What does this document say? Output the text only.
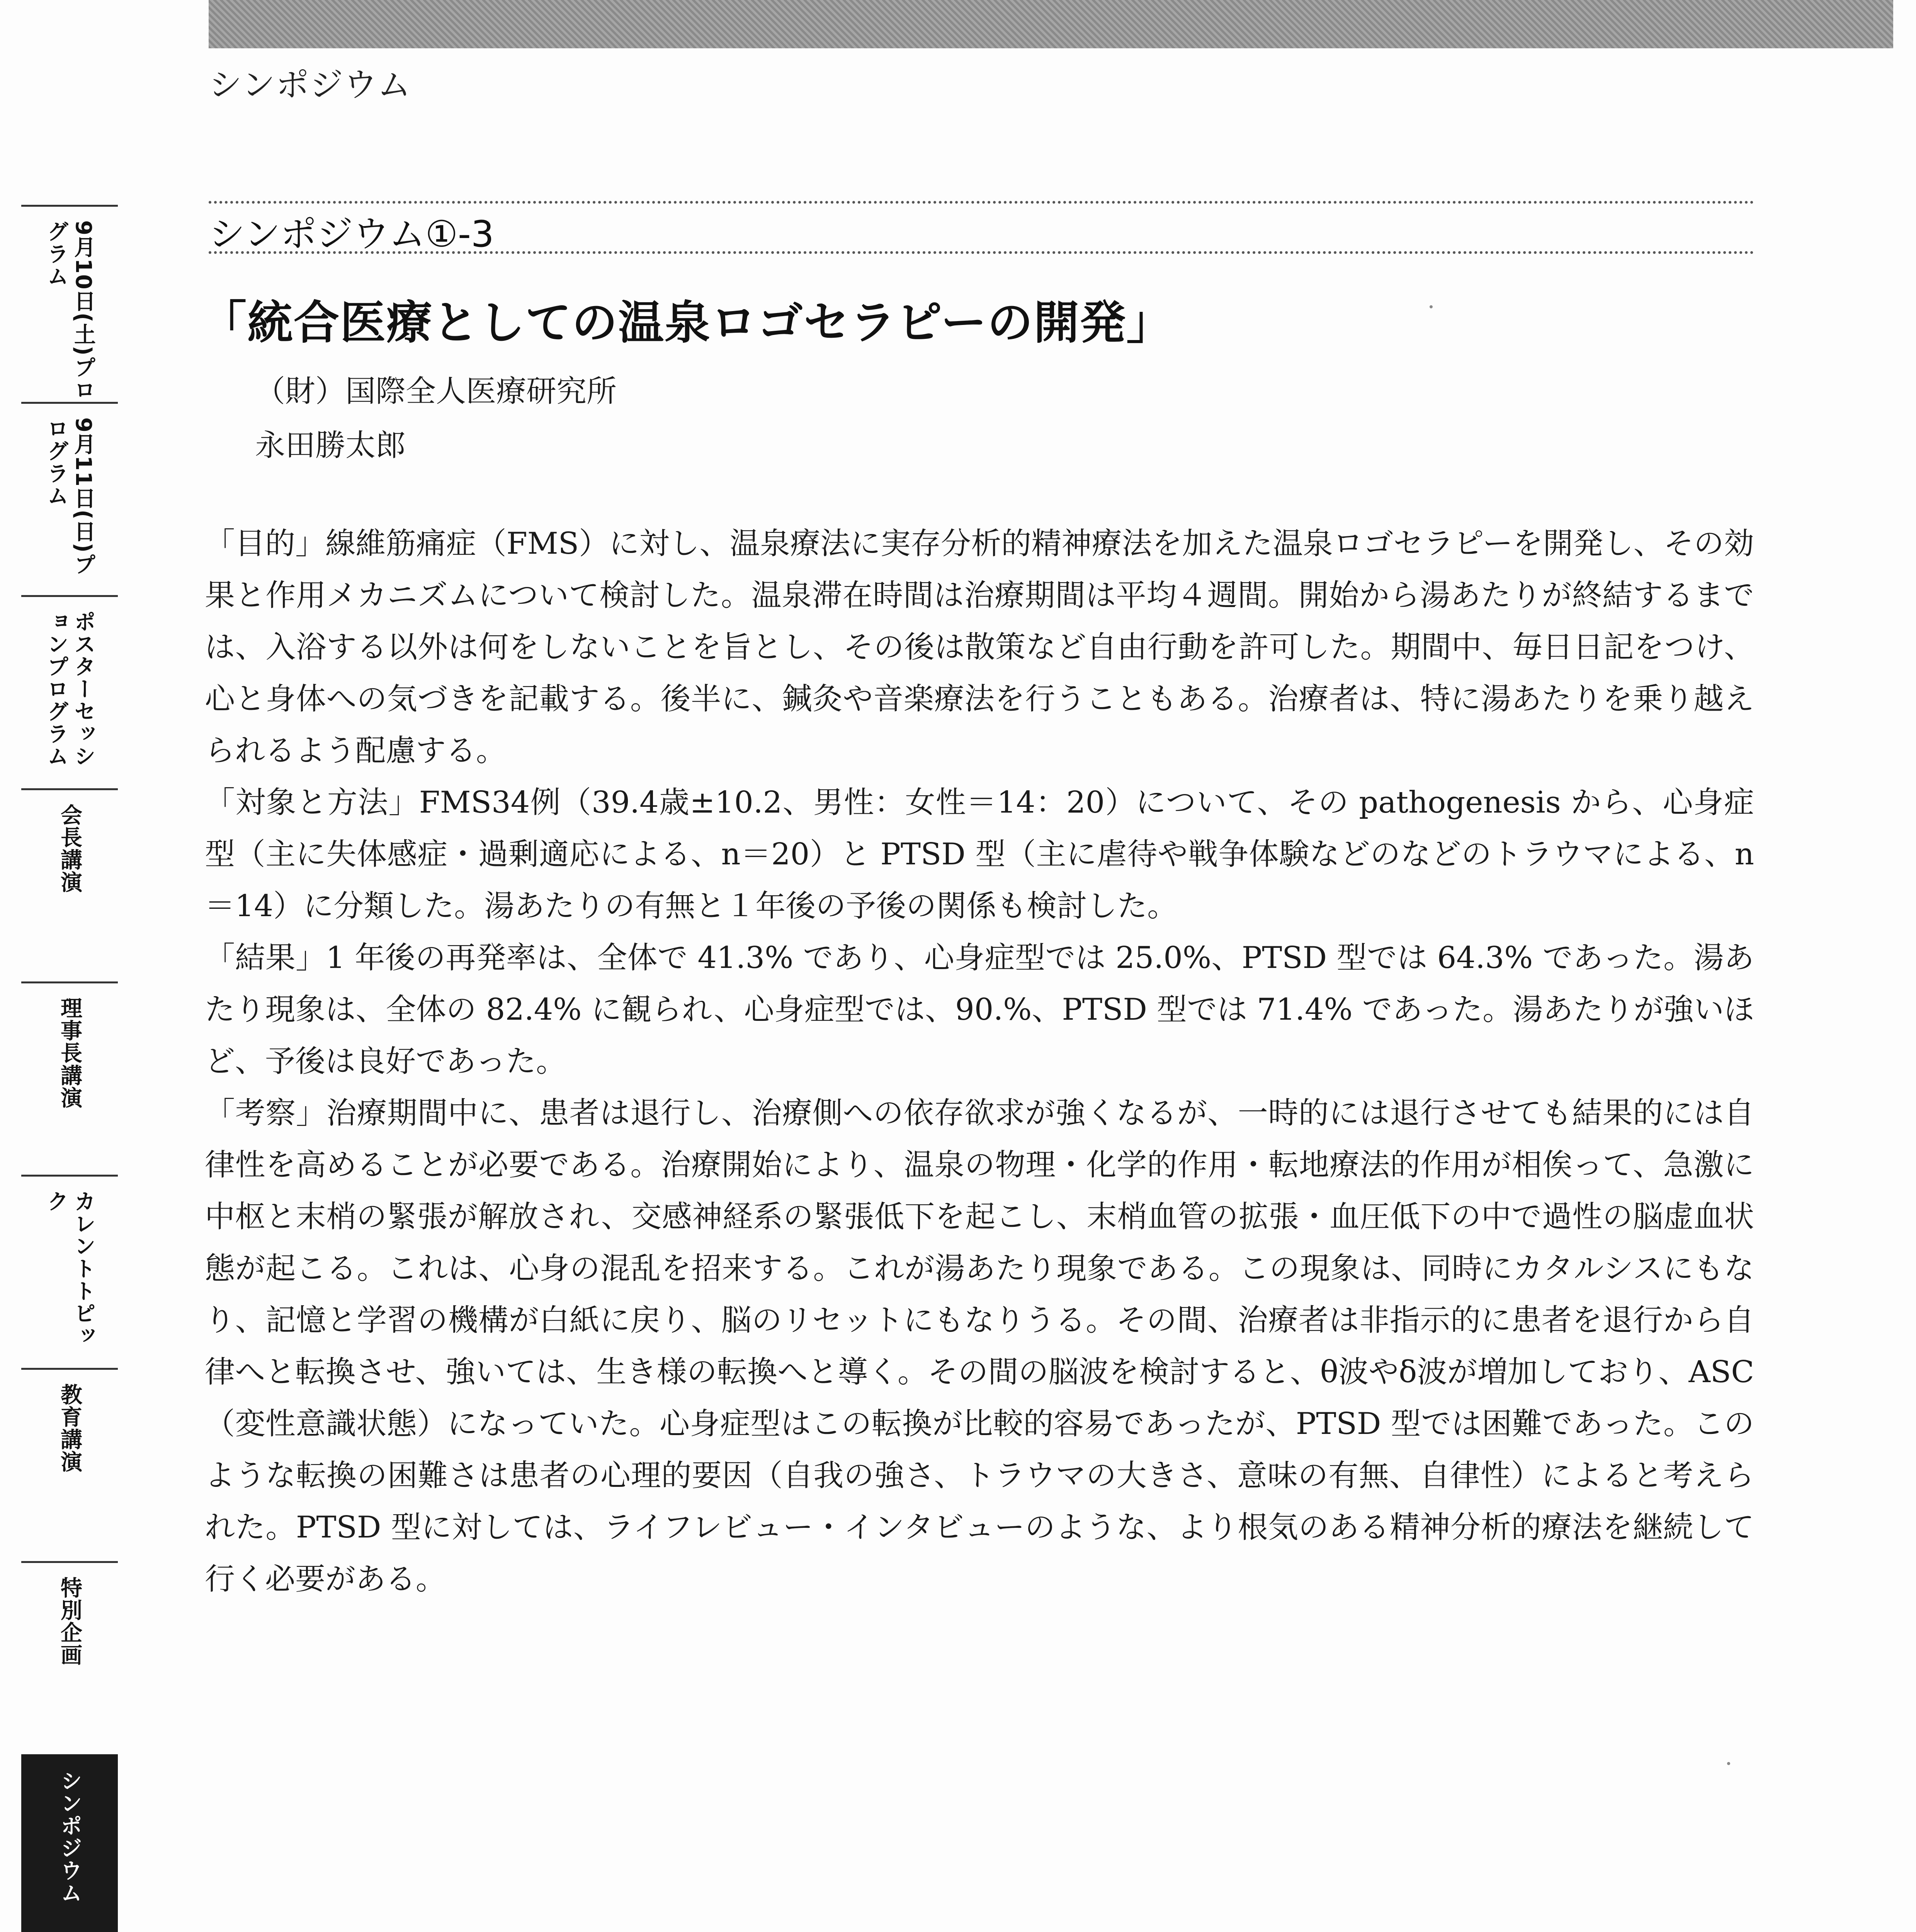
シンポジウム
9月10日(土)プログラム
9月11日(日)プログラム
ポスターセッションプログラム
会長講演
理事長講演
カレントトピック
教育講演
特別企画
シンポジウム
シンポジウム①-3
「統合医療としての温泉ロゴセラピーの開発」
（財）国際全人医療研究所
永田勝太郎

「目的」線維筋痛症（FMS）に対し、温泉療法に実存分析的精神療法を加えた温泉ロゴセラピーを開発し、その効果と作用メカニズムについて検討した。温泉滞在時間は治療期間は平均４週間。開始から湯あたりが終結するまでは、入浴する以外は何をしないことを旨とし、その後は散策など自由行動を許可した。期間中、毎日日記をつけ、心と身体への気づきを記載する。後半に、鍼灸や音楽療法を行うこともある。治療者は、特に湯あたりを乗り越えられるよう配慮する。

「対象と方法」FMS34例（39.4歳±10.2、男性：女性＝14：20）について、その pathogenesis から、心身症型（主に失体感症・過剰適応による、n＝20）と PTSD 型（主に虐待や戦争体験などのなどのトラウマによる、n＝14）に分類した。湯あたりの有無と１年後の予後の関係も検討した。

「結果」1 年後の再発率は、全体で 41.3% であり、心身症型では 25.0%、PTSD 型では 64.3% であった。湯あたり現象は、全体の 82.4% に観られ、心身症型では、90.%、PTSD 型では 71.4% であった。湯あたりが強いほど、予後は良好であった。

「考察」治療期間中に、患者は退行し、治療側への依存欲求が強くなるが、一時的には退行させても結果的には自律性を高めることが必要である。治療開始により、温泉の物理・化学的作用・転地療法的作用が相俟って、急激に中枢と末梢の緊張が解放され、交感神経系の緊張低下を起こし、末梢血管の拡張・血圧低下の中で過性の脳虚血状態が起こる。これは、心身の混乱を招来する。これが湯あたり現象である。この現象は、同時にカタルシスにもなり、記憶と学習の機構が白紙に戻り、脳のリセットにもなりうる。その間、治療者は非指示的に患者を退行から自律へと転換させ、強いては、生き様の転換へと導く。その間の脳波を検討すると、θ波やδ波が増加しており、ASC（変性意識状態）になっていた。心身症型はこの転換が比較的容易であったが、PTSD 型では困難であった。このような転換の困難さは患者の心理的要因（自我の強さ、トラウマの大きさ、意味の有無、自律性）によると考えられた。PTSD 型に対しては、ライフレビュー・インタビューのような、より根気のある精神分析的療法を継続して行く必要がある。
